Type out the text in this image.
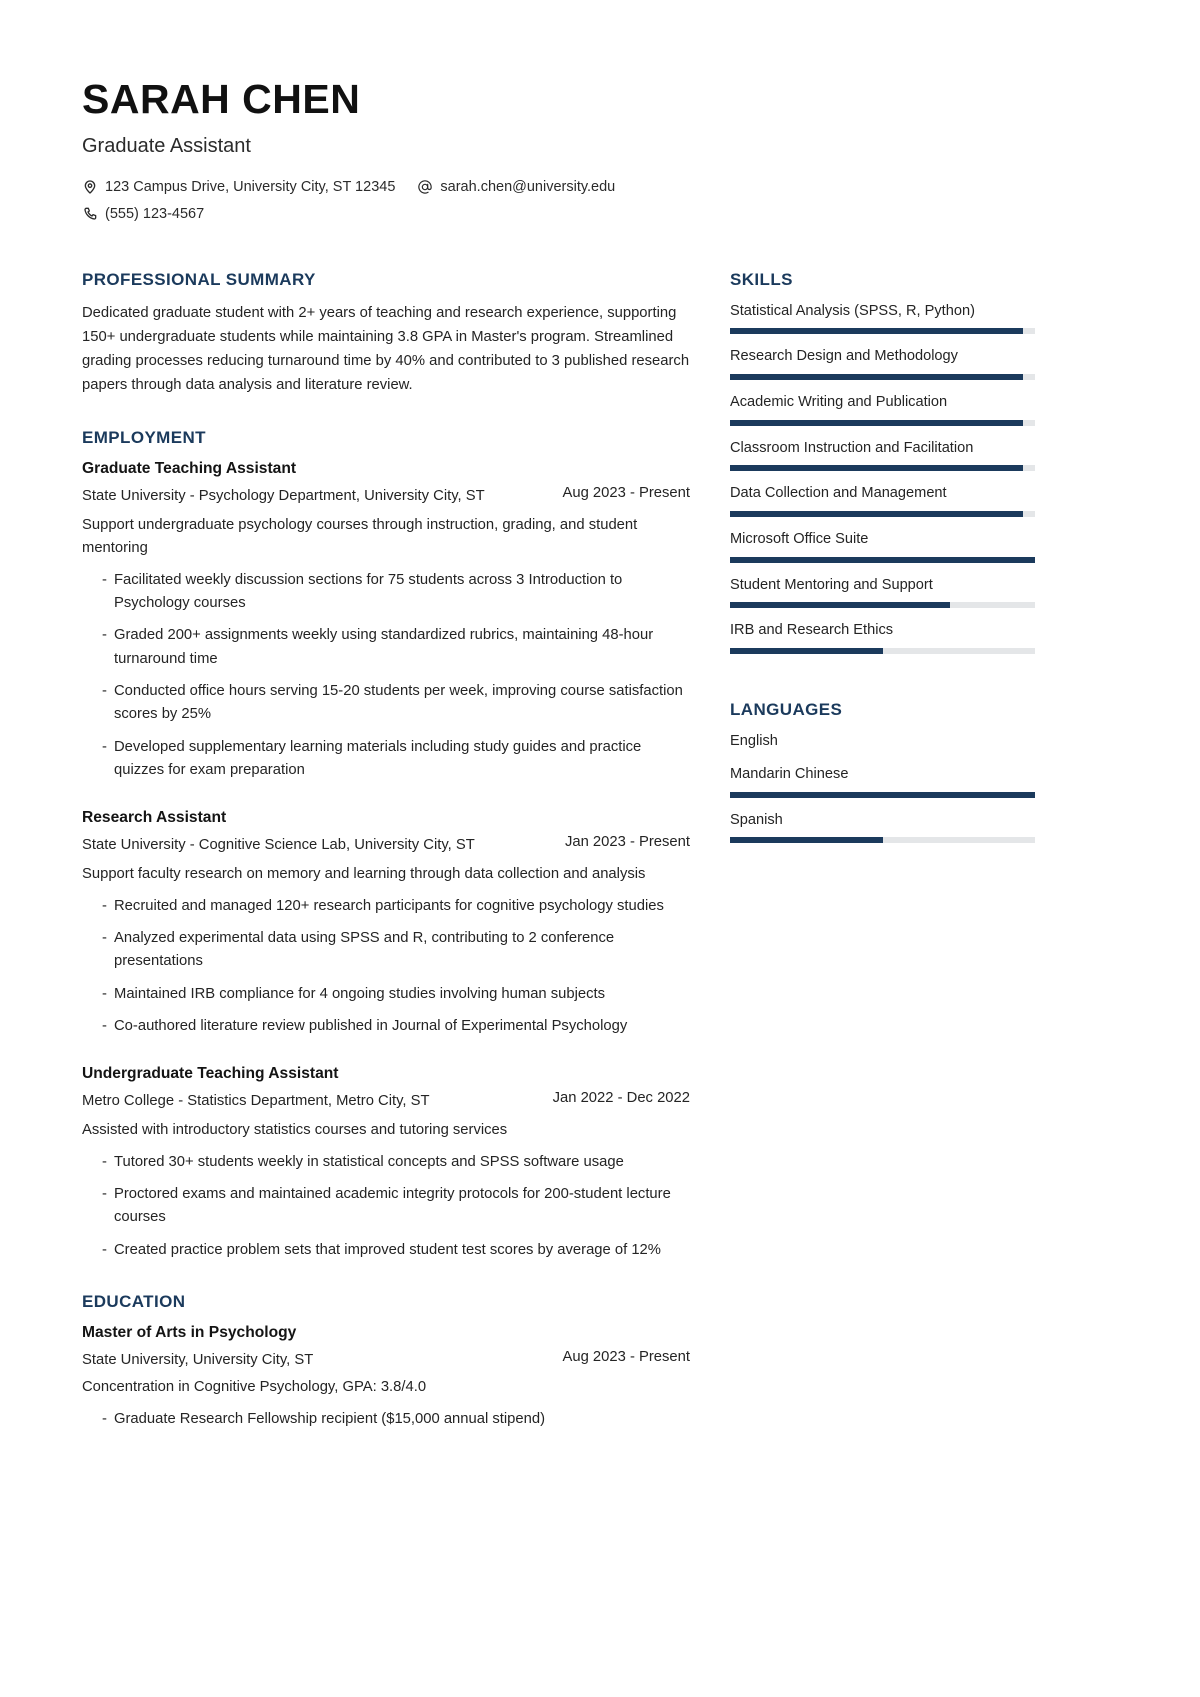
SARAH CHEN
Graduate Assistant
123 Campus Drive, University City, ST 12345	sarah.chen@university.edu
(555) 123-4567
PROFESSIONAL SUMMARY
Dedicated graduate student with 2+ years of teaching and research experience, supporting 150+ undergraduate students while maintaining 3.8 GPA in Master's program. Streamlined grading processes reducing turnaround time by 40% and contributed to 3 published research papers through data analysis and literature review.
EMPLOYMENT
Graduate Teaching Assistant
State University - Psychology Department, University City, ST	Aug 2023 - Present
Support undergraduate psychology courses through instruction, grading, and student mentoring
- Facilitated weekly discussion sections for 75 students across 3 Introduction to Psychology courses
- Graded 200+ assignments weekly using standardized rubrics, maintaining 48-hour turnaround time
- Conducted office hours serving 15-20 students per week, improving course satisfaction scores by 25%
- Developed supplementary learning materials including study guides and practice quizzes for exam preparation
Research Assistant
State University - Cognitive Science Lab, University City, ST	Jan 2023 - Present
Support faculty research on memory and learning through data collection and analysis
- Recruited and managed 120+ research participants for cognitive psychology studies
- Analyzed experimental data using SPSS and R, contributing to 2 conference presentations
- Maintained IRB compliance for 4 ongoing studies involving human subjects
- Co-authored literature review published in Journal of Experimental Psychology
Undergraduate Teaching Assistant
Metro College - Statistics Department, Metro City, ST	Jan 2022 - Dec 2022
Assisted with introductory statistics courses and tutoring services
- Tutored 30+ students weekly in statistical concepts and SPSS software usage
- Proctored exams and maintained academic integrity protocols for 200-student lecture courses
- Created practice problem sets that improved student test scores by average of 12%
EDUCATION
Master of Arts in Psychology
State University, University City, ST	Aug 2023 - Present
Concentration in Cognitive Psychology, GPA: 3.8/4.0
- Graduate Research Fellowship recipient ($15,000 annual stipend)
SKILLS
Statistical Analysis (SPSS, R, Python)
Research Design and Methodology
Academic Writing and Publication
Classroom Instruction and Facilitation
Data Collection and Management
Microsoft Office Suite
Student Mentoring and Support
IRB and Research Ethics
LANGUAGES
English
Mandarin Chinese
Spanish
